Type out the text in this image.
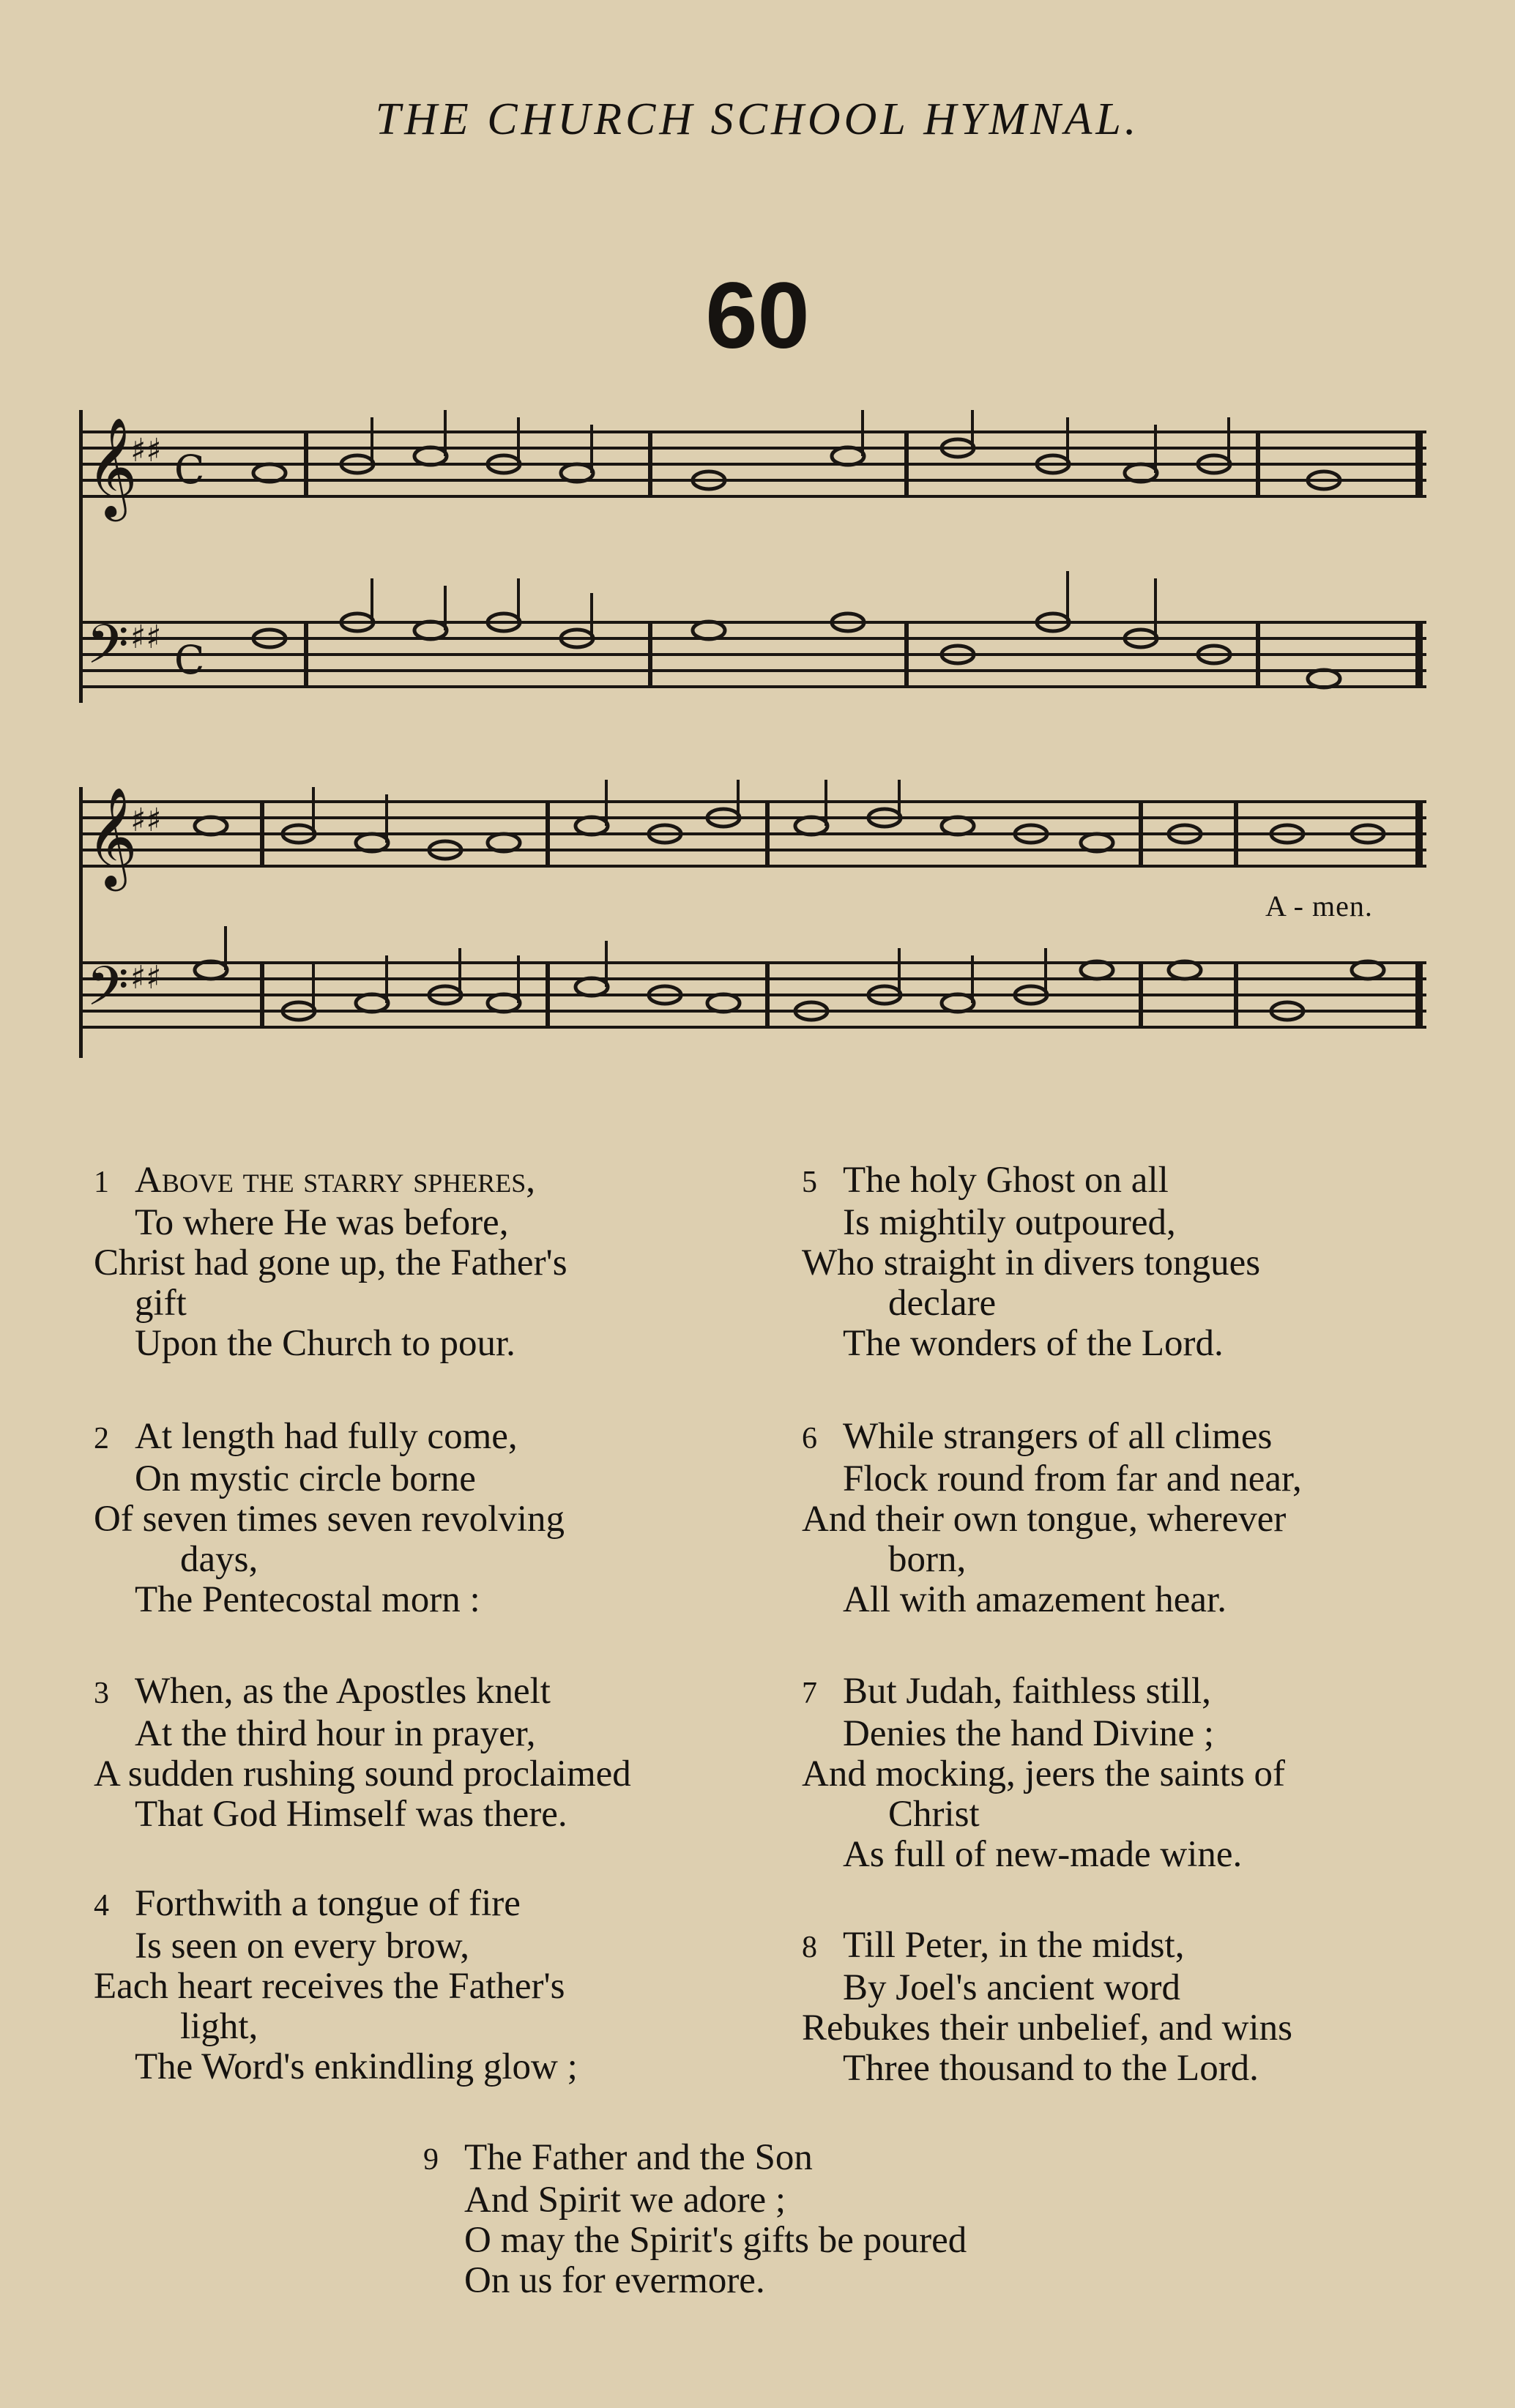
THE CHURCH SCHOOL HYMNAL.
60
𝄞
𝄢
♯♯
♯♯
C
C
𝄞
𝄢
♯♯
♯♯
A - men.
1 Above the starry spheres,
To where He was before,
Christ had gone up, the Father's
gift
Upon the Church to pour.
2 At length had fully come,
On mystic circle borne
Of seven times seven revolving
days,
The Pentecostal morn :
3 When, as the Apostles knelt
At the third hour in prayer,
A sudden rushing sound proclaimed
That God Himself was there.
4 Forthwith a tongue of fire
Is seen on every brow,
Each heart receives the Father's
light,
The Word's enkindling glow ;
5 The holy Ghost on all
Is mightily outpoured,
Who straight in divers tongues
declare
The wonders of the Lord.
6 While strangers of all climes
Flock round from far and near,
And their own tongue, wherever
born,
All with amazement hear.
7 But Judah, faithless still,
Denies the hand Divine ;
And mocking, jeers the saints of
Christ
As full of new-made wine.
8 Till Peter, in the midst,
By Joel's ancient word
Rebukes their unbelief, and wins
Three thousand to the Lord.
9 The Father and the Son
And Spirit we adore ;
O may the Spirit's gifts be poured
On us for evermore.
